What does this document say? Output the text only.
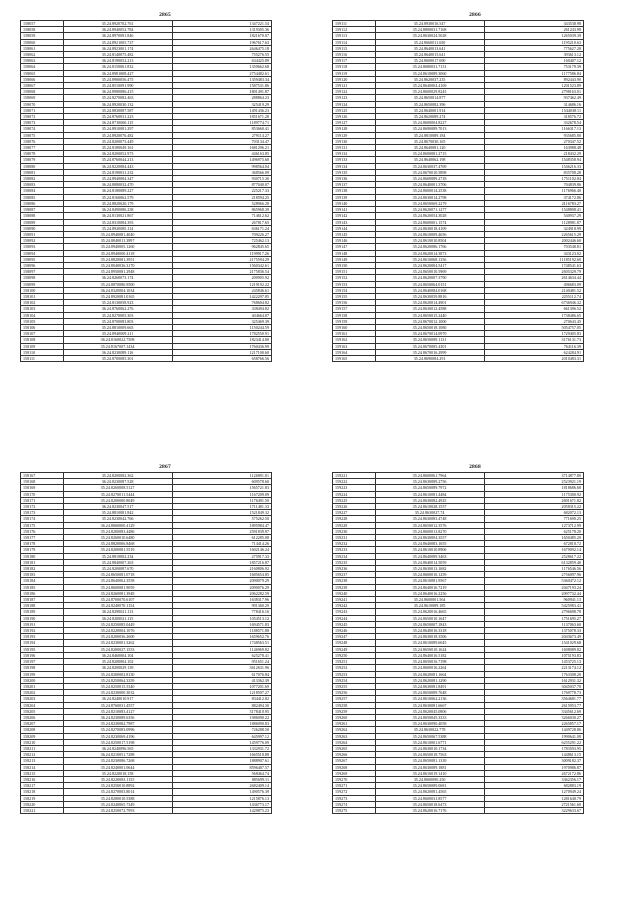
2865
158057	35.24.8920702.761	1347221.54
158058	36.24.8940052.784	1319305.36
158059	36.24.8970081.846	1821670.07
158060	35.24.8921005.737	1967617.63
158061	36.24.8923001.174	2646475.18
158062	35.24.8140075.482	755276.55
158063	36.24.8190052.213	634425.89
158064	36.24.8150061.832	1350662.68
158065	36.24.8981008.427	2754482.61
158066	35.24.8980056.475	1359483.34
158067	35.24.8510091.990	1587531.86
158068	36.24.8980086.415	1801491.87
158069	35.24.8270082.463	288864.23
158070	36.24.8920030.132	325419.29
158071	35.24.8830087.587	1491436.23
158072	35.24.8760031.223	1851671.28
158073	36.24.8710060.115	1189774.71
158074	35.24.8910081.297	853660.41
158075	35.24.8920076.482	279114.27
158076	35.24.8200073.449	703134.47
158077	35.24.8180049.161	1681296.21
158078	36.24.8200052.973	446163.85
158079	35.24.8760044.213	1496975.60
158080	36.24.8220084.443	998564.04
158081	35.24.8190031.232	368566.09
158082	35.24.8940084.347	930715.30
158083	36.24.8080032.470	877040.07
158084	36.24.8180089.227	225217.33
158085	35.24.8160062.579	218594.25
158086	35.24.8820020.179	528966.28
158087	36.24.8490086.238	865968.39
158088	36.24.8130021.867	714612.62
158089	35.24.8310084.393	267817.65
158090	35.24.8920085.114	636171.24
158091	35.24.8940081.4040	709226.27
158092	35.24.8040011.3897	725462.13
158093	35.24.8940005.1260	962845.65
158094	35.24.8940000.4118	1199917.26
158095	35.24.8820081.3951	2175594.29
158096	35.24.8040036.3170	1560342.61
158097	35.24.8950081.2948	2175836.54
158098	36.24.8260073.174	200905.92
158099	35.24.8870086.9500	1219192.22
158100	36.24.8320004.1034	245846.61
158101	35.24.8920081.0165	1422297.85
158102	35.24.8130058.923	768604.82
158103	36.24.8760062.276	338494.82
158104	35.24.8270005.303	404664.07
158105	35.24.8700083.803	325469.39
158106	35.24.8810009.665	1150244.59
158107	35.24.8940009.211	1782550.91
158108	36.24.8160022.7508	1823414.80
158109	35.24.8167007.1434	1760436.99
158110	36.24.8230089.116	1217100.60
158111	35.24.8700085.301	658766.56
2866
159111	35.24.8930016.547	343538.98
159112	35.24.8800031.7168	261243.98
159113	35.24.8630024.5028	1265039.39
159114	35.24.8660011.650	1195210.63
159115	35.24.8640013.641	775627.28
159116	35.24.8640015.641	393613.12
159117	35.24.8600017.690	160407.12
159118	35.24.8680031.7131	753179.39
159119	35.24.8610089.3060	1177586.84
159120	35.24.8620037.235	892443.90
159121	35.24.8640004.4169	1201523.89
159122	35.24.8600029.8245	2798163.01
159123	35.24.8650014.877	937462.49
159124	35.24.8650082.396	314686.16
159125	35.24.8640001.914	1544038.11
159126	35.24.8620089.274	318576.72
159127	35.24.8600004.8227	332678.54
159128	35.24.8690089.7013	1166317.13
159129	35.24.8810089.184	935685.80
159130	35.24.8670030.165	270347.52
159131	35.24.8640081.120	163988.48
159132	35.24.8600081.2715	218432.29
159133	35.24.8640062.198	1548358.94
159134	35.24.8630037.4769	1546216.33
159135	35.24.8670010.5898	835708.28
159136	35.24.8600089.2718	1751102.84
159137	35.24.8640001.3706	704839.86
159138	35.24.8600014.2538	1176966.40
159139	35.24.8630014.2798	374172.86
159140	35.24.8650069.2279	2116783.27
159141	35.24.8620071.1277	1548808.41
159142	35.24.8620054.3028	540937.29
159143	35.24.8600001.1574	1128981.87
159144	35.24.8630018.4109	324918.99
159145	35.24.8610009.4656	2265615.29
159146	35.24.8610010.8504	2002446.60
159147	35.24.8620086.1766	703548.81
159148	35.24.8620014.3873	343123.02
159149	35.24.8610068.1356	11185192.60
159150	35.24.8620004.5417	1748541.63
159151	35.24.8650010.5969	2605329.79
159152	35.24.8620007.3790	2614634.44
159153	35.24.8650064.0151	496683.09
159154	35.24.8640084.0168	2140481.52
159155	35.24.8630059.8816	2255112.74
159156	35.24.8620014.4901	6736946.32
159157	35.24.8630012.4588	661396.52
159158	35.24.8650015.2440	1738486.65
159159	35.24.8670012.1000	270643.45
159160	35.24.8650018.1080	5054757.05
159161	35.24.8670014.0970	1729405.83
159162	35.24.8650089.1131	3176131.73
159163	35.24.8670085.4301	764116.39
159164	35.24.8670016.2999	624284.91
159165	35.24.8690084.291	2010483.31
2867
158167	35.24.8200082.362	1126891.81
158168	36.24.8230087.528	609578.60
158169	35.24.8260008.5127	1565721.83
158170	35.24.8270011.5444	1167209.09
158171	35.24.8200000.8049	1176491.50
158172	36.24.8230047.517	1711481.33
158173	35.24.8810081.842	1521849.32
158174	35.24.8230042.766	575262.50
158175	36.24.8060000.4129	1895984.47
158176	35.24.8200083.4486	2591839.97
158177	35.24.8260010.6480	612285.08
158178	35.24.8820006.8468	714414.26
158179	35.24.8200081.5519	1602146.24
158180	35.24.8810002.234	275917.33
158181	35.24.8840007.263	1857216.87
158182	35.24.8200087.670	2160806.92
158183	35.24.8650081.0718	1685654.85
158184	35.24.8640062.3558	2090079.29
158185	35.24.8600081.9059	2090076.29
158186	35.24.8260081.3948	2062282.59
158187	35.24.8700070.6107	1638317.96
158188	35.24.8240070.1154	991360.29
158189	36.24.8290021.113	778416.16
158190	36.24.8200021.115	1054513.12
158191	35.24.8250085.0449	1694571.83
158192	35.24.8220004.1076	1188571.88
158193	35.24.8200036.2600	1659652.76
158194	35.24.8230001.3262	1748563.51
158195	35.24.8200027.1553	1146969.82
158196	36.24.8460004.104	625278.41
158197	35.24.8200004.102	951651.24
158198	36.24.8200029.139	3612631.96
158199	35.24.8200002.8130	617076.84
158200	35.24.8250064.3359	413362.39
158201	35.24.8250015.5340	1077201.69
158202	35.24.8230000.3032	1218597.27
158203	36.24.8240010.917	834412.82
158204	35.24.8760031.4557	882494.30
158205	35.24.8210083.4127	3178410.95
158206	36.24.8230089.6356	1986090.22
158207	35.24.8230082.7987	1886090.83
158208	35.24.8270083.0996	726288.50
158209	35.24.8230069.4196	645997.12
158210	35.24.8250017.5198	1459776.09
158211	36.24.8240096.565	1332931.72
158212	36.24.8210051.7288	1665518.88
158213	35.24.8230086.7268	1888907.61
158214	35.24.8240001.0644	8596407.57
158215	35.24.8220018.158	568464.74
158216	35.24.8220083.1155	885699.11
158217	35.24.8250010.8892	2682409.14
158218	35.24.8270003.8014	1490576.39
158219	35.24.8200010.5388	1215876.13
158220	35.24.8240065.7349	1436773.17
158221	35.24.8250072.7993	1429875.23
2868
159221	35.24.8600061.7964	3714877.80
159222	35.24.8630089.2756	2523921.19
159223	35.24.8650089.7972	1818686.68
159224	35.24.8610081.4484	1175300.92
159225	35.24.8630082.4925	2691671.82
159226	35.24.8610028.1557	2058315.22
159227	35.24.8630027.74	682072.13
159228	35.24.8630083.4748	771690.25
159229	35.24.8650012.3576	1273712.99
159230	35.24.8600013.8270	625178.20
159231	35.24.8630004.3557	1650485.20
159232	35.24.8640083.1655	672818.72
159233	35.24.8610010.8906	1679092.14
159234	35.24.8640089.3463	2528617.22
159235	35.24.8640014.5059	6132859.40
159236	35.24.8630013.1682	1176546.56
159237	35.24.8600010.1259	2756097.96
159238	35.24.8610081.9567	5360472.12
159239	35.24.8640016.7219	2047193.24
159240	35.24.8640016.2256	2097732.44
159241	35.24.8600001.564	960941.13
159242	35.24.8610089.185	5425983.41
159243	35.24.8620016.4665	2796698.78
159244	35.24.8650010.1647	1751695.27
159245	35.24.8650007.1843	1137063.60
159246	35.24.8640016.3318	1375078.33
159247	35.24.8630018.3506	2043673.49
159248	35.24.8610089.6045	1541029.68
159249	35.24.8650010.1624	1698089.82
159250	35.24.8640016.5182	1075193.83
159251	35.24.8650016.7198	1453725.13
159252	35.24.8600016.2264	2213174.12
159253	35.24.8620081.1664	1763308.20
159254	35.24.8620081.1290	1612931.32
159255	35.24.8630081.8491	3045037.70
159256	35.24.8650089.7648	1769778.73
159257	35.24.8610062.2136	3564681.77
159258	35.24.8630081.6667	2615953.77
159259	35.24.8620045.0806	3345612.69
159260	35.24.8650045.3333	3266030.27
159261	35.24.8630090.4058	2265857.17
159262	35.24.8630022.778	1449728.86
159263	35.24.8650067.5388	1990641.08
159264	35.24.8610001.6771	6255291.22
159265	35.24.8630010.1734	1783593.95
159266	35.24.8650018.7563	1448613.15
159267	35.24.8650081.1339	3009182.37
159268	35.24.8630089.1881	1970986.87
159269	35.24.8610019.1410	2672172.86
159270	35.24.8600090.250	3362356.17
159271	35.24.8650089.0681	682883.19
159272	35.24.8620081.4565	1270949.24
159273	35.24.8600031.8577	1281648.79
159274	35.24.8650018.6473	2721561.60
159275	35.24.8620016.7176	3229633.67
